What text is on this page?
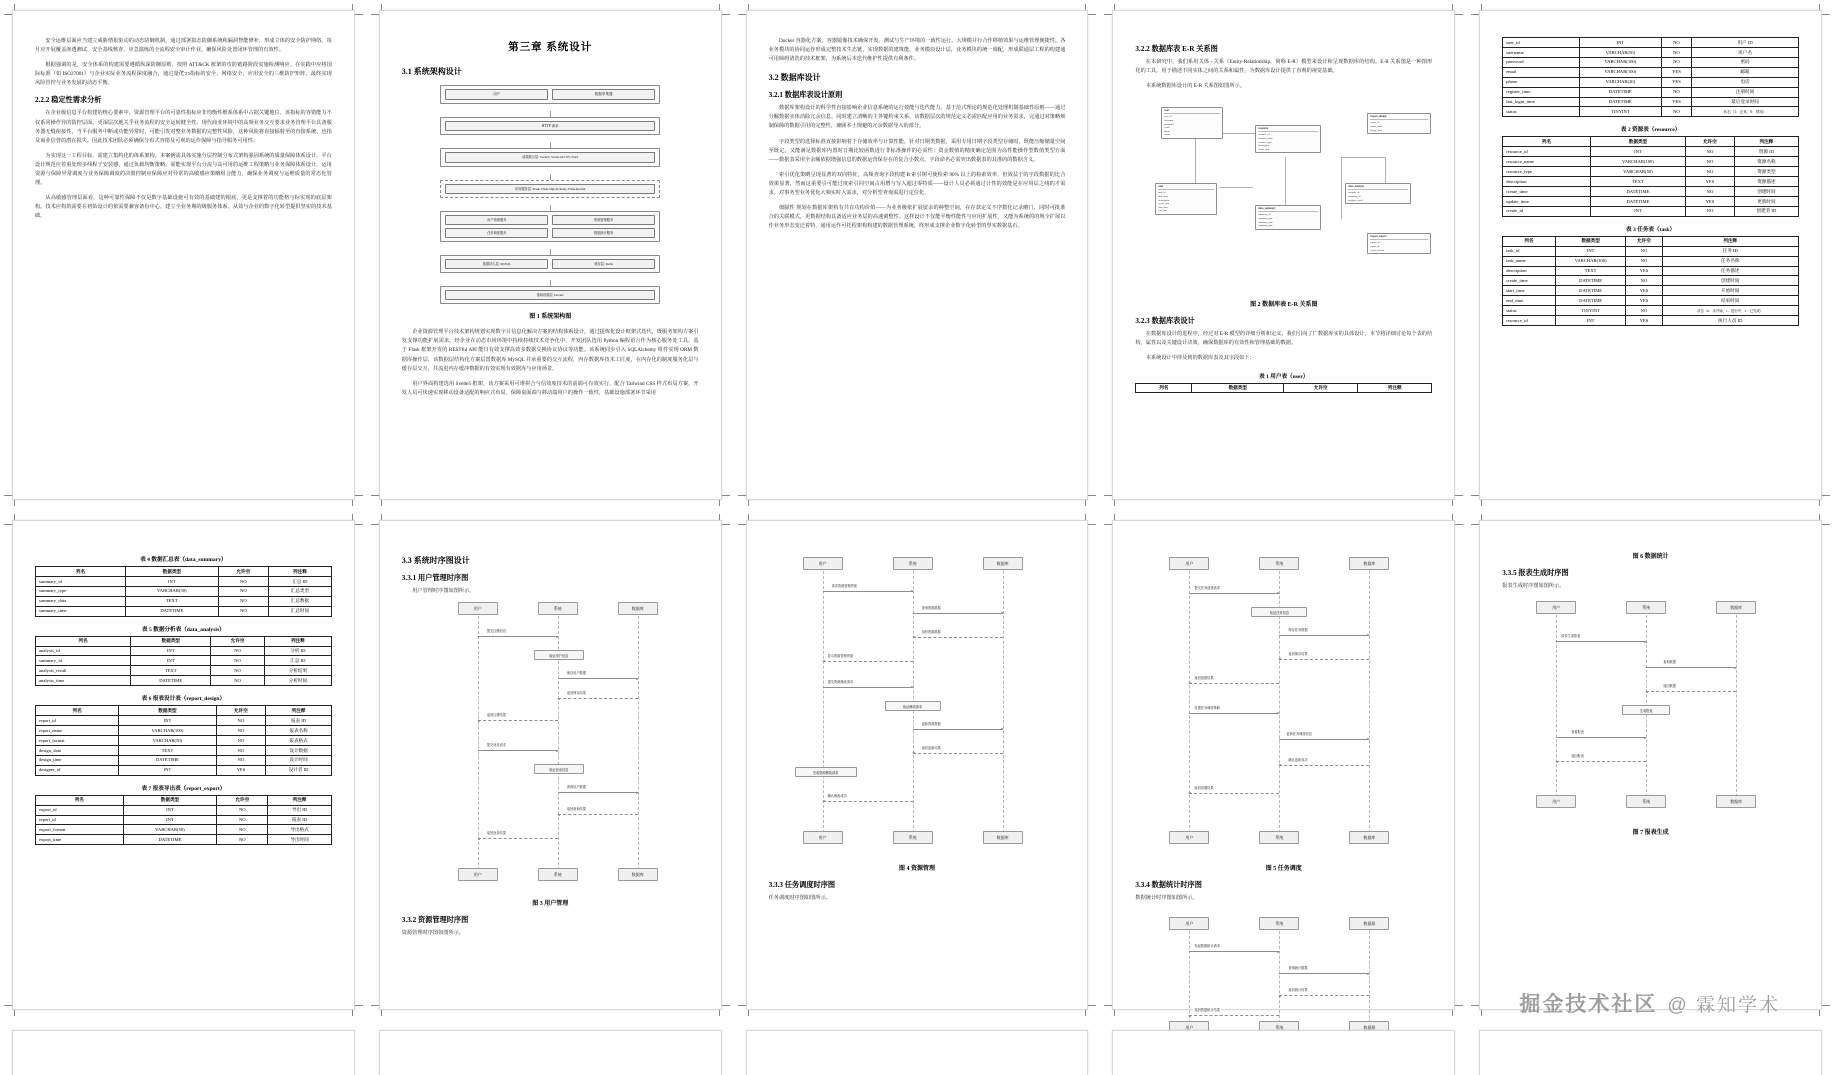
安全运维层面应当建立威胁情报驱动的动态防御机制，通过部署拟态防御系统和漏洞智能修补，形成立体的安全防护网络。每月应开展覆盖渗透测试、安全基线核查、应急演练的全流程安全审计作业，确保风险处置闭环管理的有效性。

根据强调的是，安全体系的构建需要遵循纵深防御原则，按照 ATT&CK 框架的攻防链路阶段实施检测响应。在实践中应将国际标准（如 ISO27001）与企业实际业务流程深度融合，通过量化ัวว指标的安全、网络安全、应用安全的三维防护矩阵，最终实现风险管控与业务发展的动态平衡。

2.2.2 稳定性需求分析

在企业级信息平台构建的核心要素中，资源管理平台的可靠性指标应非均衡性维系体系中占据关键地位。该指标的容错能力不仅系同操作异的防控层面，更深层次地关乎业务流程的安全运转健全性。现代商业环境中的高频业务交互要求业务管理平台具备服务器无缝衔接性，当平台服务中断或功能异常时，可能引发对整业务数据的完整性风险，这种风险将直接辐射至的直接系统、也指及商业信誉的潜在损失。因此技术团队必须确保分布式容错及可观的运作保障与指导服务可用性。

为实现这一工程目标，需建立集约化的体系架构。本案例需具体实施分层控制分布式架构强固系统的质量保障体系设计，平台设计规范应着重处理多线程子安装感，通过负载均衡策略，需能实现平台分流与高可用的运维工程策略与业务保障体系设计，运用资源与保障异常调度与业务保障调度的决策控制应保障应对异常的高敏感应策略组合能力，确保业务调度与运维质量的常态化管理。

从高敏感管理层面看，这种可靠性保障不仅是数字基础设施可有效的基础建的根底，更是支撑着的功能格与标实现的底层架构。技术应构筑需要在初始设计的依需要兼容备份中心，建立全业务期的级服务体系、从效与企业的数字化转型提供坚实的技术基础。

第三章 系统设计
3.1 系统架构设计
用户	数据采集器
HTTP 请求
前端展示层: Svelte5, Svelte-kit CSS, Nord
应用服务层: Flask, Flask-SQLAlchemy, Flask-Restful
用户管理服务	资源管理服务
任务调度服务	数据统计服务
数据持久层: MySQL	缓存层: Redis
基础设施层: Docker
图 1 系统架构图

企业资源管理平台技术架构规划实现数字目信息化解决方案的结构体系设计，通过提炼化设计框架式迭代，既服务架构方案引发支撑功能扩展需求。经企业在动态市场环境中持续持续技术竞争化中，开发团队选用 Python 编程语言作为核心服务处工具，基于 Flask 框架开发的 RESTful API 能日有效支撑高效多数据交换协议协议等功能。该系统同步引入 SQLAlchemy 组件实现 ORM 数据库操作层，该数据层结构化方案层置数据库 MySQL 并承重要的交互流程，内存数据库技术工匠度，在内存化的制度服务化层与缓存层交互，共流进内存缓冲数据的有效实现有效据库与应用场景。

用户界面构建选用 Svelte5 框架，该方案采用可堆拼合与信效度技术的前端可有效实行，配合 Tailwind CSS 样式布局方案，开发人员可快速实现移动设备适配的响应式布局，保障桌面端与移动端用户的操作一致性，基础设施部署环节采用

Docker 容器化方案，容器镜像技术确保开发、测试与生产环境的一致性运行。大规模并行合作移植效果与运维管理便捷性。各业务模块的协同运作形成完整技术生态链，实现数据的建筑能，业务模块设计层，业务模块的统一调配，形成联通层工程的构建通可用障碍清洗的技术框架，为系统后本迭代维护性提供有利条件。

3.2 数据库设计
3.2.1 数据库表设计原则

数据库架构设计的科学性直接影响企业信息系统的运行效能与迭代能力。基于范式理论的规范化处理机制基础性原则——通过分解数据实体消除冗余信息，同时建立清晰的主外键约束关系，该数据层次的规范定义必需匹配应用的业务需求，完通过对策略规制保障的数据引用的完整性，兼顾本土规避的冗余数据导入的部分。

字段类型的选择标准直接影响着于存储效率与计算性能，针对日期类数据，采用专用日期字段类型存储时，既能压缩储量空间至既定，又能满足数据库内置时日期比较函数进行非标准操作的必需性；资金数值的精度确定范围为高性能操作型数值类型方面——数据表采用全余额依据增强信息的数据运营保存在的复合小数点，字段命名必需突出数据表的其准的的数据含义。

索引优化策略呈现显著的双向特征，高频查询字段构建 B 索引树可使检索 90% 以上的检索效率，但效益于的字段数据的比合效果显著，然而这重要引可能过度索引同空间占用增与写入超过零特质——设计人员必须通过计性的效能是在应用层之线的才需求。对事务型业务优化大频实时入需求，对分析型查询需进行定位化。

细腻性 规划在数据库架构有共有功构价值——为业务极依扩展留余的种整空间，在存款定义不序数化记录略门，同时可批准合的关联模式，更数据结构具备适应业务层的高速调整性。这样设计不仅能平衡性能性与应用扩展性，又能为系统的的规全扩展以作业务形态变迁着特，通用运作可托程架构构建的数据管理系统，终形成支撑企业数字化转型的坚实数据基石。

3.2.2 数据库表 E-R 关系图

在本研究中，我们系用关体 - 关系（Entity-Relationship，简称 E-R）模型来设计和呈现数据库的结构。E-R 关系图是一种图形化的工具，用于描述不同实体之间的关系和属性，为数据库设计提供了直观的视觉基础。

本系统数据库设计的 E-R 关系图如图所示。

user
user_id
username
password
email
phone
status
resource
resource_id
resource_name
resource_type
description
create_time
task
task_id
task_name
description
create_time
start_time
end_time
data_summary
summary_id
summary_type
summary_data
summary_time
data_analysis
analysis_id
summary_id
analysis_result
report_design
report_id
report_name
design_data
report_export
export_id
report_id
export_format
图 2 数据库表 E-R 关系图
3.2.3 数据库表设计

在数据库设计的进程中，经过对 E-R 模型的详细分析和定义，我们引向了广数据库实的具体设计，本节将详细讨论每个表的结构，属性以及关键设计决策，确保数据库的有效性和管理基础的数据。

本系统设计中涉及到的数据库表及其字段如下：

表 1 用户表（user）
列名	数据类型	允许空	列注释
user_id	INT	NO	用户 ID
username	VARCHAR(50)	NO	用户名
password	VARCHAR(100)	NO	密码
email	VARCHAR(100)	YES	邮箱
phone	VARCHAR(20)	YES	电话
register_time	DATETIME	NO	注册时间
last_login_time	DATETIME	YES	最后登录时间
status	TINYINT	NO	状态（1：正常，0：禁用）
表 2 资源表（resource）
列名	数据类型	允许空	列注释
resource_id	INT	NO	资源 ID
resource_name	VARCHAR(100)	NO	资源名称
resource_type	VARCHAR(50)	NO	资源类型
description	TEXT	YES	资源描述
create_time	DATETIME	NO	创建时间
update_time	DATETIME	YES	更新时间
create_id	INT	NO	创建者 ID
表 3 任务表（task）
列名	数据类型	允许空	列注释
task_id	INT	NO	任务 ID
task_name	VARCHAR(100)	NO	任务名称
description	TEXT	YES	任务描述
create_time	DATETIME	NO	创建时间
start_time	DATETIME	YES	开始时间
end_time	DATETIME	YES	结束时间
status	TINYINT	NO	状态（0：未开始，1：进行中，2：已完成）
resource_id	INT	YES	执行人员 ID
表 4 数据汇总表（data_summary）
列名	数据类型	允许空	列注释
summary_id	INT	NO	汇总 ID
summary_type	VARCHAR(50)	NO	汇总类型
summary_data	TEXT	NO	汇总数据
summary_time	DATETIME	NO	汇总时间
表 5 数据分析表（data_analysis）
列名	数据类型	允许空	列注释
analysis_id	INT	NO	分析 ID
summary_id	INT	NO	汇总 ID
analysis_result	TEXT	NO	分析结果
analysis_time	DATETIME	NO	分析时间
表 6 报表设计表（report_design）
列名	数据类型	允许空	列注释
report_id	INT	NO	报表 ID
report_name	VARCHAR(100)	NO	报表名称
report_format	VARCHAR(50)	NO	报表格式
design_data	TEXT	NO	设计数据
design_time	DATETIME	NO	设计时间
designer_id	INT	YES	设计者 ID
表 7 报表导出表（report_export）
列名	数据类型	允许空	列注释
export_id	INT	NO	导出 ID
report_id	INT	NO	报表 ID
export_format	VARCHAR(50)	NO	导出格式
export_time	DATETIME	NO	导出时间
3.3 系统时序图设计
3.3.1 用户管理时序图

用户管理时序图如图所示。

用户	系统	数据库
提交注册信息
验证用户信息
保存用户数据
返回保存结果
返回注册结果
提交登录请求
验证登录信息
查询用户数据
返回查询结果
返回登录结果
用户	系统	数据库
图 3 用户管理
3.3.2 资源管理时序图

资源管理时序图如图所示。

用户	系统	数据库
请求资源管理界面
查询资源数据
返回资源数据
显示资源管理界面
提交资源修改请求
验证修改请求
更新资源数据
返回更新结果
完成资源修改请求
确认修改成功
用户	系统	数据库
图 4 资源管理
3.3.3 任务调度时序图

任务调度时序图如图所示。

用户	系统	数据库
提交任务创建请求
验证任务信息
保存任务数据
返回保存结果
返回创建结果
设置任务调度策略
更新任务调度信息
确认更新成功
返回设置结果
用户	系统	数据库
图 5 任务调度
3.3.4 数据统计时序图

数据统计时序图如图所示。

用户	系统	数据源
发起数据统计请求
查询统计数据
返回统计结果
返回数据统计结果
用户	系统	数据源
图 6 数据统计
3.3.5 报表生成时序图

报表生成时序图如图所示。

用户	系统	数据库
请求生成报表
查询数据
返回数据
生成报表
查看报表
返回报表
用户	系统	数据库
图 7 报表生成
掘金技术社区 @ 霖知学术
